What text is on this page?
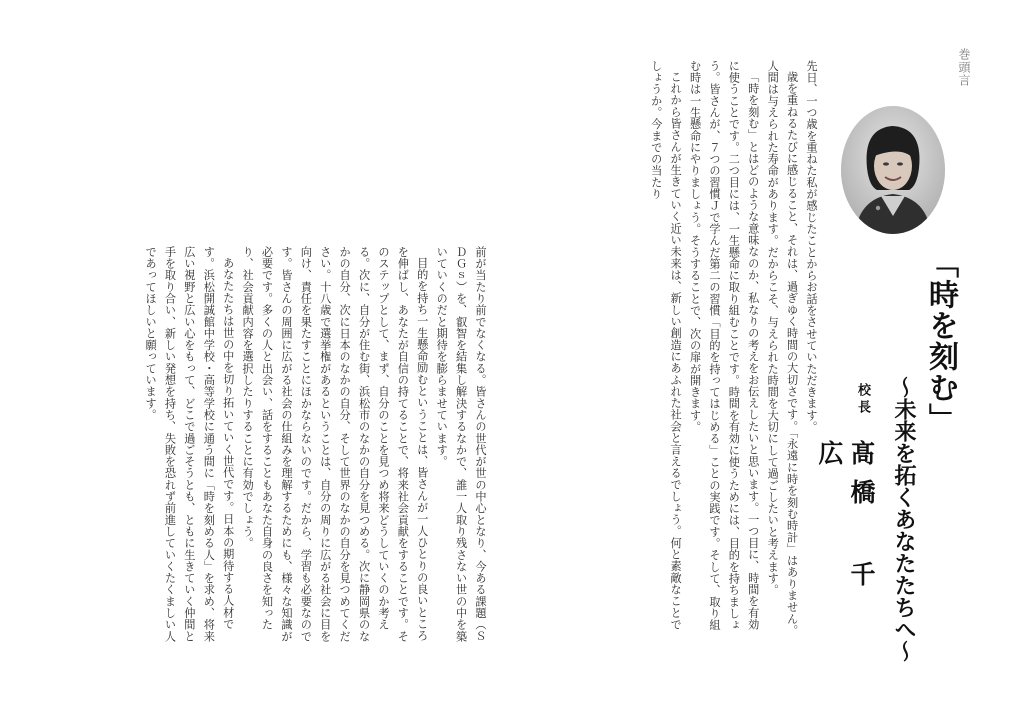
巻頭言
「時を刻む」
〜未来を拓くあなたたちへ〜
校長
髙橋 千広

先日、一つ歳を重ねた私が感じたことからお話をさせていただきます。

歳を重ねるたびに感じること、それは、過ぎゆく時間の大切さです。「永遠に時を刻む時計」はありません。人間は与えられた寿命があります。だからこそ、与えられた時間を大切にして過ごしたいと考えます。

「時を刻む」とはどのような意味なのか、私なりの考えをお伝えしたいと思います。一つ目に、時間を有効に使うことです。二つ目には、一生懸命に取り組むことです。時間を有効に使うためには、目的を持ちましょう。皆さんが、７つの習慣Ｊで学んだ第二の習慣「目的を持ってはじめる」ことの実践です。そして、取り組む時は一生懸命にやりましょう。そうすることで、次の扉が開きます。

これから皆さんが生きていく近い未来は、新しい創造にあふれた社会と言えるでしょう。何と素敵なことでしょうか。今までの当たり

前が当たり前でなくなる。皆さんの世代が世の中心となり、今ある課題（ＳＤＧｓ）を、叡智を結集し解決するなかで、誰一人取り残さない世の中を築いていくのだと期待を膨らませています。

目的を持ち一生懸命励むということは、皆さんが一人ひとりの良いところを伸ばし、あなたが自信の持てることで、将来社会貢献をすることです。そのステップとして、まず、自分のことを見つめ将来どうしていくのか考える。次に、自分が住む街、浜松市のなかの自分を見つめる。次に静岡県のなかの自分、次に日本のなかの自分、そして世界のなかの自分を見つめてください。十八歳で選挙権があるということは、自分の周りに広がる社会に目を向け、責任を果たすことにほかならないのです。だから、学習も必要なのです。皆さんの周囲に広がる社会の仕組みを理解するためにも、様々な知識が必要です。多くの人と出会い、話をすることもあなた自身の良さを知ったり、社会貢献内容を選択したりすることに有効でしょう。

あなたたちは世の中を切り拓いていく世代です。日本の期待する人材です。浜松開誠館中学校・高等学校に通う間に「時を刻める人」を求め、将来広い視野と広い心をもって、どこで過ごそうとも、ともに生きていく仲間と手を取り合い、新しい発想を持ち、失敗を恐れず前進していくたくましい人であってほしいと願っています。
